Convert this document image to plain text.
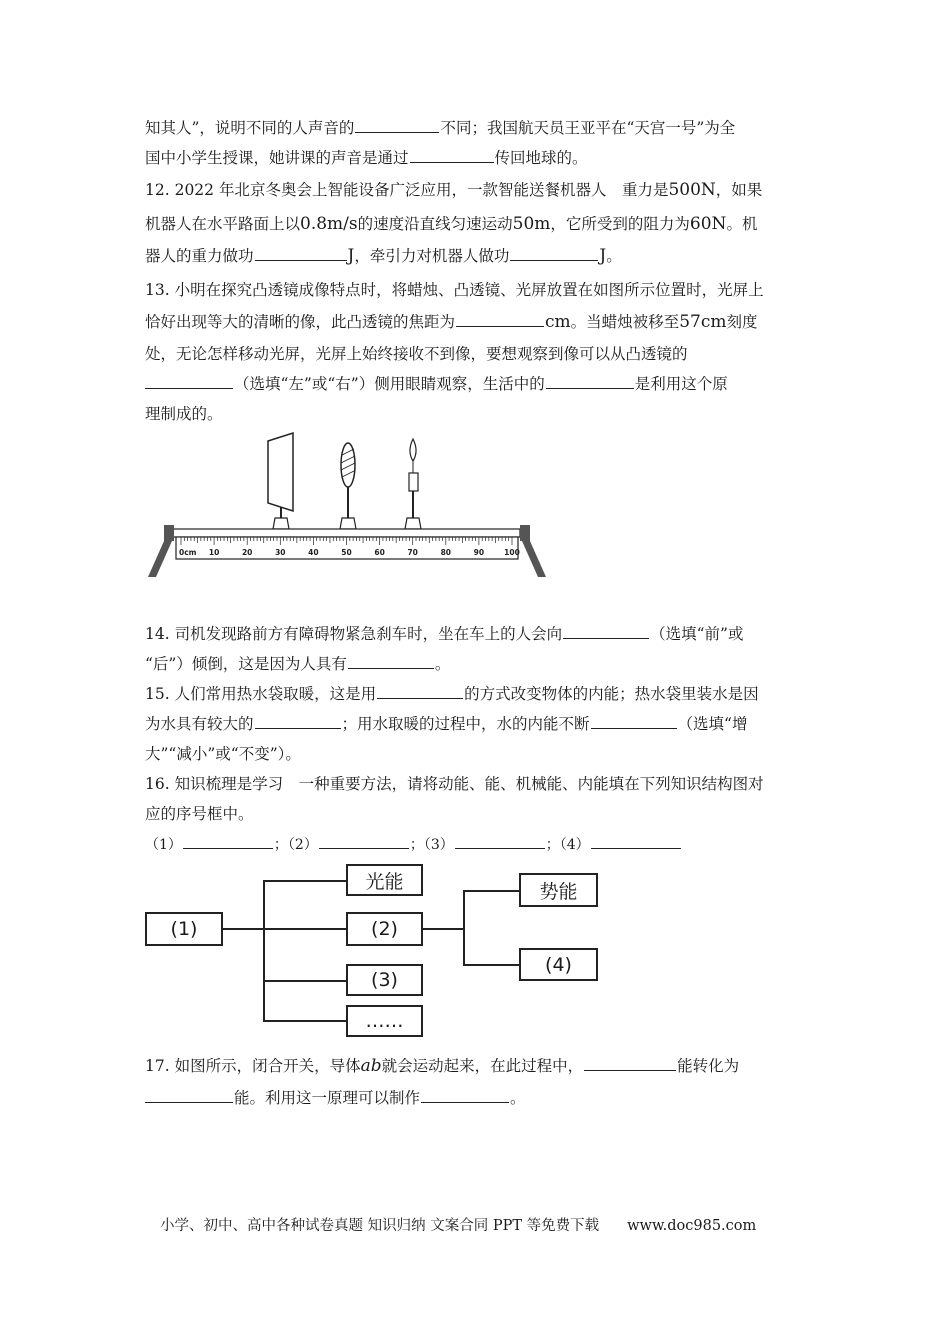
知其人”，说明不同的人声音的	不同；我国航天员王亚平在“天宫一号”为全
国中小学生授课，她讲课的声音是通过	传回地球的。
12. 2022 年北京冬奥会上智能设备广泛应用，一款智能送餐机器人　重力是500N，如果
机器人在水平路面上以0.8m/s的速度沿直线匀速运动50m，它所受到的阻力为60N。机
器人的重力做功	J，牵引力对机器人做功	J。
13. 小明在探究凸透镜成像特点时，将蜡烛、凸透镜、光屏放置在如图所示位置时，光屏上
恰好出现等大的清晰的像，此凸透镜的焦距为	cm。当蜡烛被移至57cm刻度
处，无论怎样移动光屏，光屏上始终接收不到像，要想观察到像可以从凸透镜的
（选填“左”或“右”）侧用眼睛观察，生活中的	是利用这个原
理制成的。
0cm 10	20	30	40	50	60	70	80	90	100
14. 司机发现路前方有障碍物紧急刹车时，坐在车上的人会向	（选填“前”或
“后”）倾倒，这是因为人具有	。
15. 人们常用热水袋取暖，这是用	的方式改变物体的内能；热水袋里装水是因
为水具有较大的	；用水取暖的过程中，水的内能不断	（选填“增
大”“减小”或“不变”）。
16. 知识梳理是学习　一种重要方法，请将动能、能、机械能、内能填在下列知识结构图对
应的序号框中。
（1）	；（2）	；（3）	；（4）
(1)
光能
(2)
(3)
……
势能
(4)
17. 如图所示，闭合开关，导体ab就会运动起来，在此过程中，	能转化为
能。利用这一原理可以制作	。
小学、初中、高中各种试卷真题 知识归纳 文案合同 PPT 等免费下载 www.doc985.com
